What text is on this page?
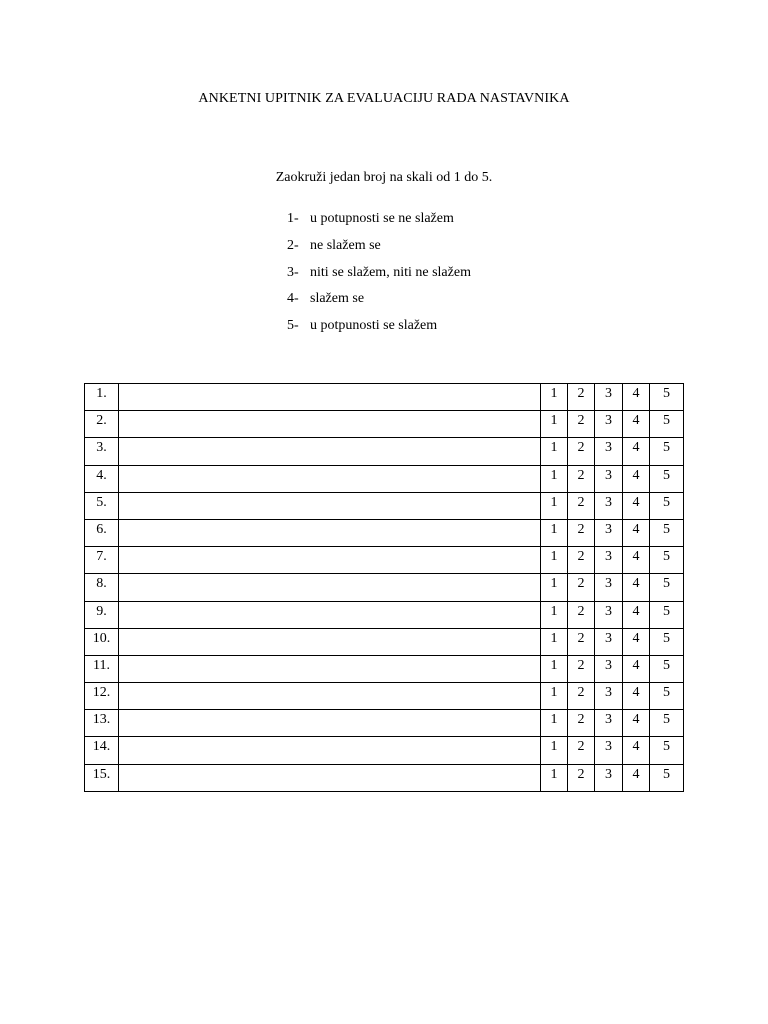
ANKETNI UPITNIK ZA EVALUACIJU RADA NASTAVNIKA
Zaokruži jedan broj na skali od 1 do 5.
1- u potupnosti se ne slažem
2- ne slažem se
3- niti se slažem, niti ne slažem
4- slažem se
5- u potpunosti se slažem
1.		1	2	3	4	5
2.		1	2	3	4	5
3.		1	2	3	4	5
4.		1	2	3	4	5
5.		1	2	3	4	5
6.		1	2	3	4	5
7.		1	2	3	4	5
8.		1	2	3	4	5
9.		1	2	3	4	5
10.		1	2	3	4	5
11.		1	2	3	4	5
12.		1	2	3	4	5
13.		1	2	3	4	5
14.		1	2	3	4	5
15.		1	2	3	4	5
